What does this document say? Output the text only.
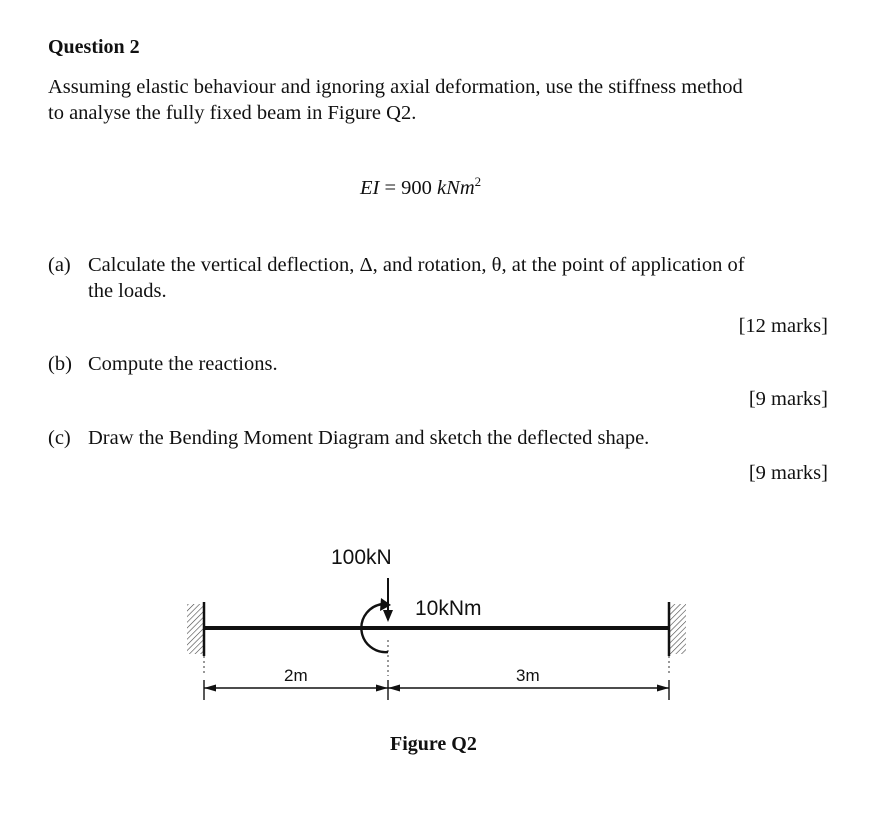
Question 2
Assuming elastic behaviour and ignoring axial deformation, use the stiffness method
to analyse the fully fixed beam in Figure Q2.
EI = 900 kNm$^2$
(a) Calculate the vertical deflection, Δ, and rotation, θ, at the point of application of
the loads.
[12 marks]
(b) Compute the reactions.
[9 marks]
(c) Draw the Bending Moment Diagram and sketch the deflected shape.
[9 marks]
100kN
10kNm
2m	3m
Figure Q2
